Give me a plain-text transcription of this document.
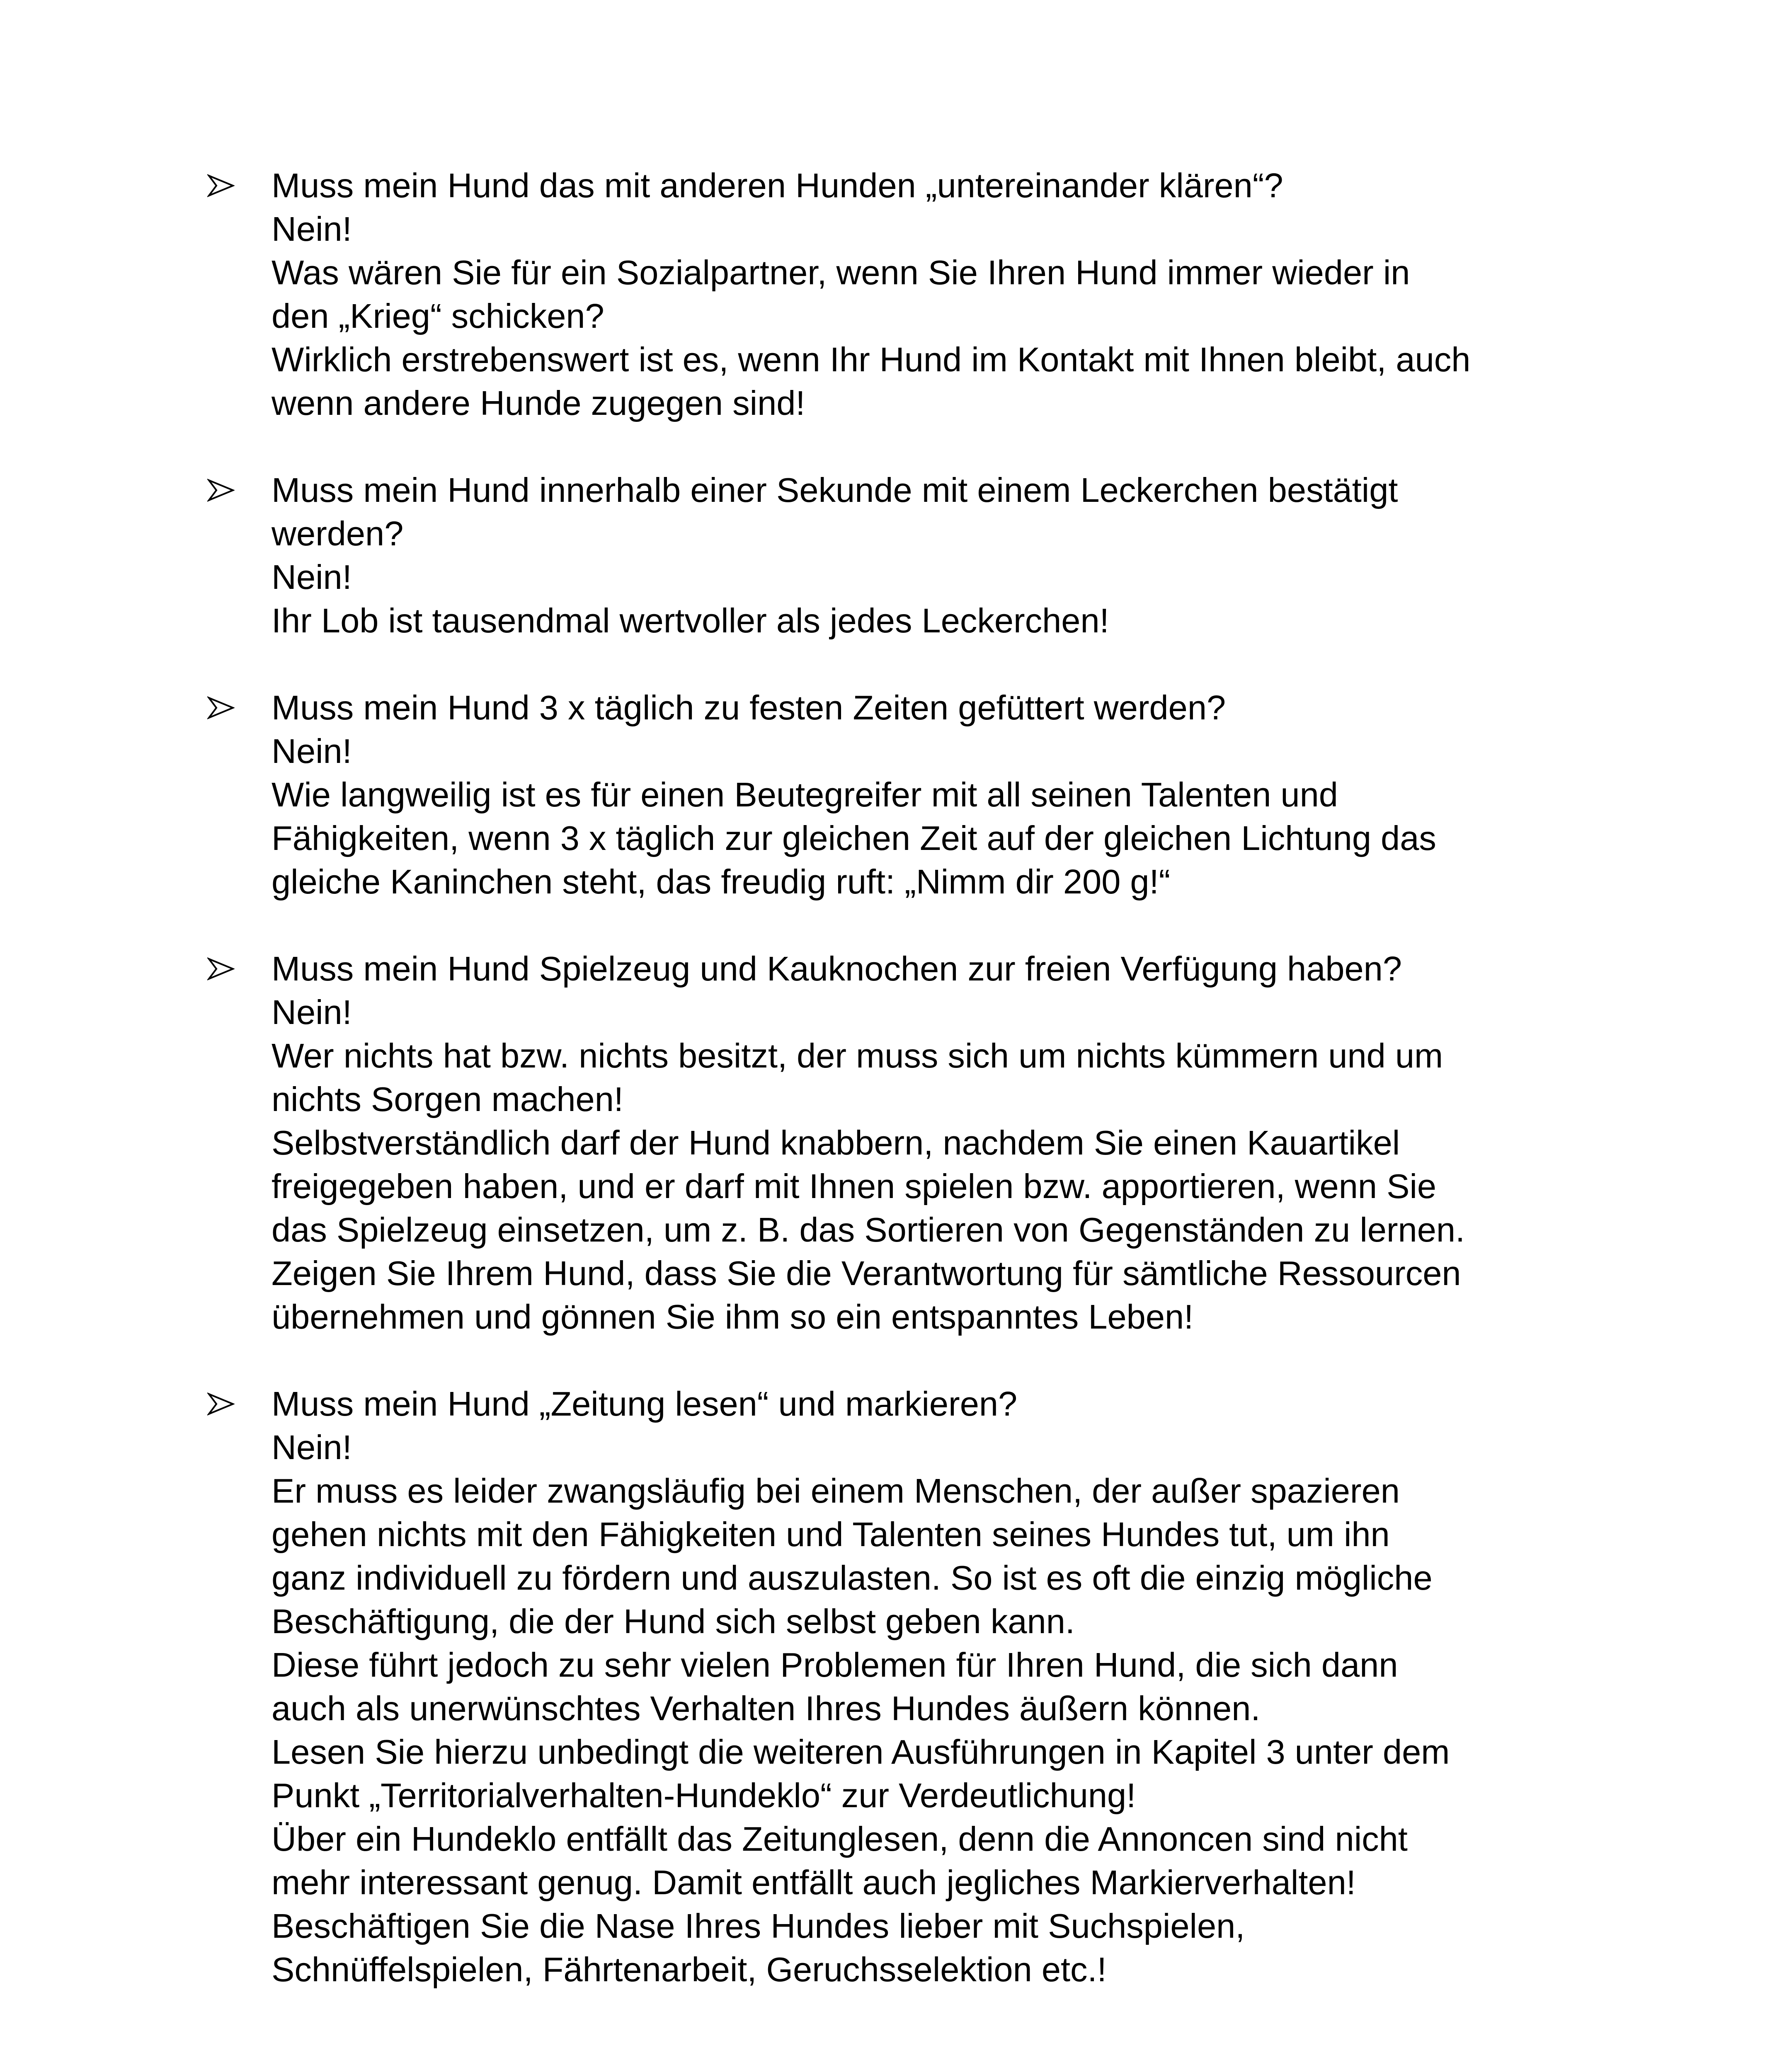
Muss mein Hund das mit anderen Hunden „untereinander klären“?
Nein!
Was wären Sie für ein Sozialpartner, wenn Sie Ihren Hund immer wieder in
den „Krieg“ schicken?
Wirklich erstrebenswert ist es, wenn Ihr Hund im Kontakt mit Ihnen bleibt, auch
wenn andere Hunde zugegen sind!
Muss mein Hund innerhalb einer Sekunde mit einem Leckerchen bestätigt
werden?
Nein!
Ihr Lob ist tausendmal wertvoller als jedes Leckerchen!
Muss mein Hund 3 x täglich zu festen Zeiten gefüttert werden?
Nein!
Wie langweilig ist es für einen Beutegreifer mit all seinen Talenten und
Fähigkeiten, wenn 3 x täglich zur gleichen Zeit auf der gleichen Lichtung das
gleiche Kaninchen steht, das freudig ruft: „Nimm dir 200 g!“
Muss mein Hund Spielzeug und Kauknochen zur freien Verfügung haben?
Nein!
Wer nichts hat bzw. nichts besitzt, der muss sich um nichts kümmern und um
nichts Sorgen machen!
Selbstverständlich darf der Hund knabbern, nachdem Sie einen Kauartikel
freigegeben haben, und er darf mit Ihnen spielen bzw. apportieren, wenn Sie
das Spielzeug einsetzen, um z. B. das Sortieren von Gegenständen zu lernen.
Zeigen Sie Ihrem Hund, dass Sie die Verantwortung für sämtliche Ressourcen
übernehmen und gönnen Sie ihm so ein entspanntes Leben!
Muss mein Hund „Zeitung lesen“ und markieren?
Nein!
Er muss es leider zwangsläufig bei einem Menschen, der außer spazieren
gehen nichts mit den Fähigkeiten und Talenten seines Hundes tut, um ihn
ganz individuell zu fördern und auszulasten. So ist es oft die einzig mögliche
Beschäftigung, die der Hund sich selbst geben kann.
Diese führt jedoch zu sehr vielen Problemen für Ihren Hund, die sich dann
auch als unerwünschtes Verhalten Ihres Hundes äußern können.
Lesen Sie hierzu unbedingt die weiteren Ausführungen in Kapitel 3 unter dem
Punkt „Territorialverhalten-Hundeklo“ zur Verdeutlichung!
Über ein Hundeklo entfällt das Zeitunglesen, denn die Annoncen sind nicht
mehr interessant genug. Damit entfällt auch jegliches Markierverhalten!
Beschäftigen Sie die Nase Ihres Hundes lieber mit Suchspielen,
Schnüffelspielen, Fährtenarbeit, Geruchsselektion etc.!
